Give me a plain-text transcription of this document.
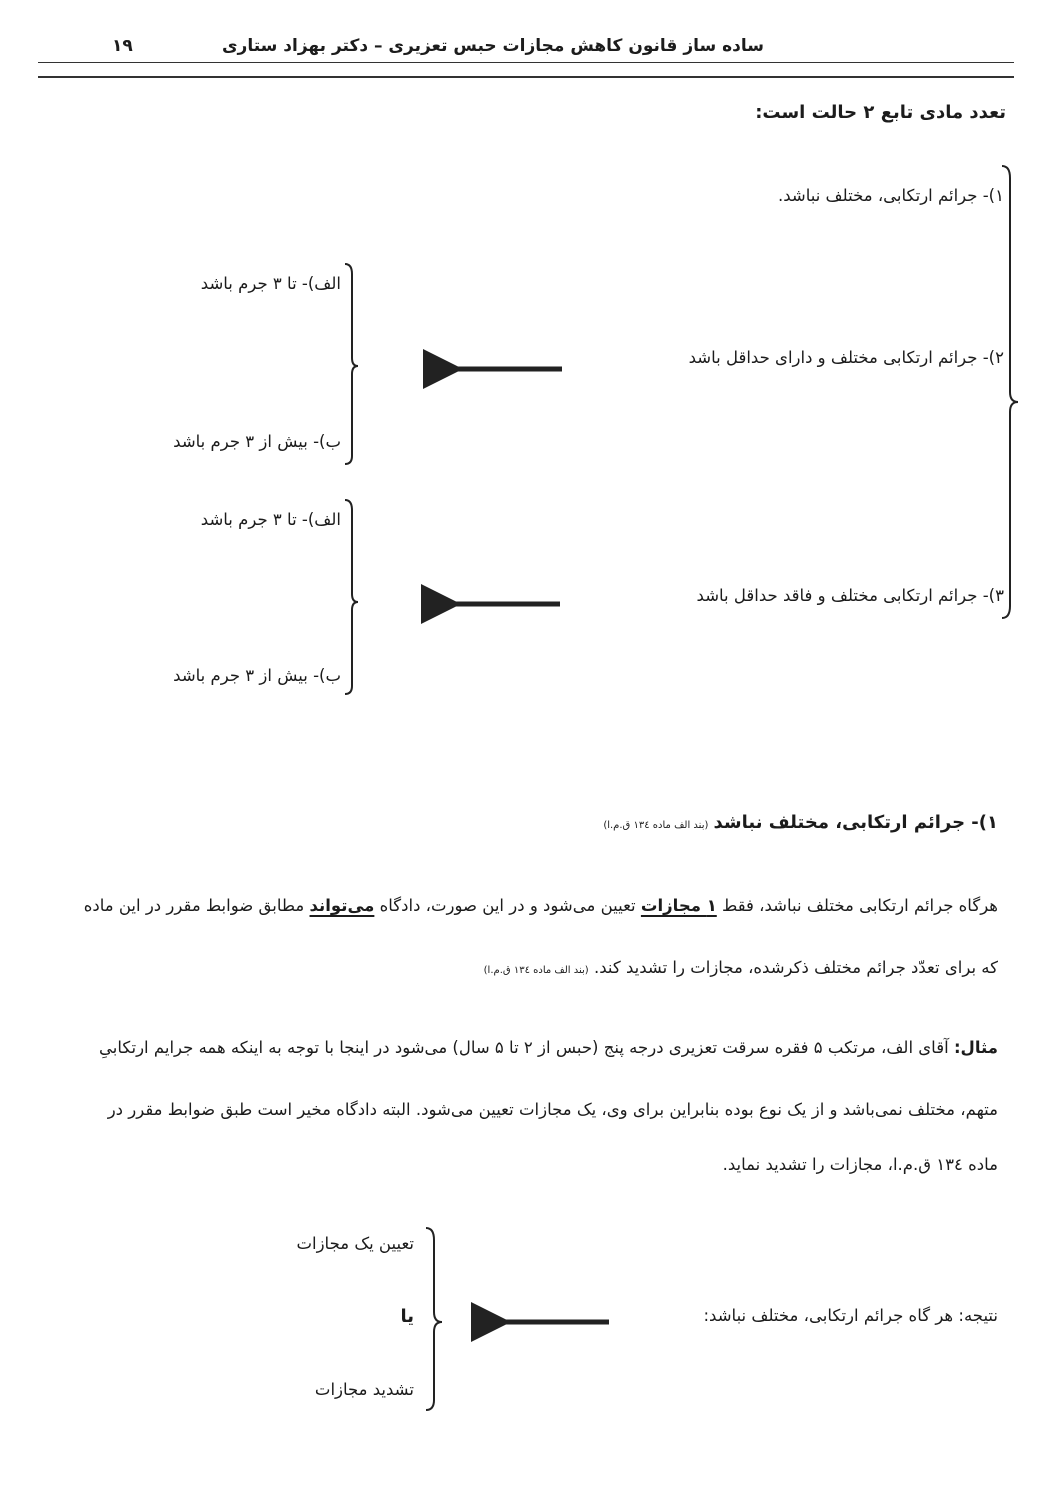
۱۹	ساده ساز قانون کاهش مجازات حبس تعزیری – دکتر بهزاد ستاری
تعدد مادی تابع ۲ حالت است:
۱)- جرائم ارتکابی، مختلف نباشد.
۲)- جرائم ارتکابی مختلف و دارای حداقل باشد
۳)- جرائم ارتکابی مختلف و فاقد حداقل باشد
الف)- تا ۳ جرم باشد
ب)- بیش از ۳ جرم باشد
الف)- تا ۳ جرم باشد
ب)- بیش از ۳ جرم باشد
۱)- جرائم ارتکابی، مختلف نباشد (بند الف ماده ۱۳٤ ق.م.ا)
هرگاه جرائم ارتکابی مختلف نباشد، فقط ۱ مجازات تعیین می‌شود و در این صورت، دادگاه می‌تواند مطابق ضوابط مقرر در این ماده
که برای تعدّد جرائم مختلف ذکرشده، مجازات را تشدید کند. (بند الف ماده ۱۳٤ ق.م.ا)
مثال: آقای الف، مرتکب ۵ فقره سرقت تعزیری درجه پنج (حبس از ۲ تا ۵ سال) می‌شود در اینجا با توجه به اینکه همه جرایم ارتکابیِ
متهم، مختلف نمی‌باشد و از یک نوع بوده بنابراین برای وی، یک مجازات تعیین می‌شود. البته دادگاه مخیر است طبق ضوابط مقرر در
ماده ۱۳٤ ق.م.ا، مجازات را تشدید نماید.
نتیجه: هر گاه جرائم ارتکابی، مختلف نباشد:
تعیین یک مجازات
یا
تشدید مجازات
